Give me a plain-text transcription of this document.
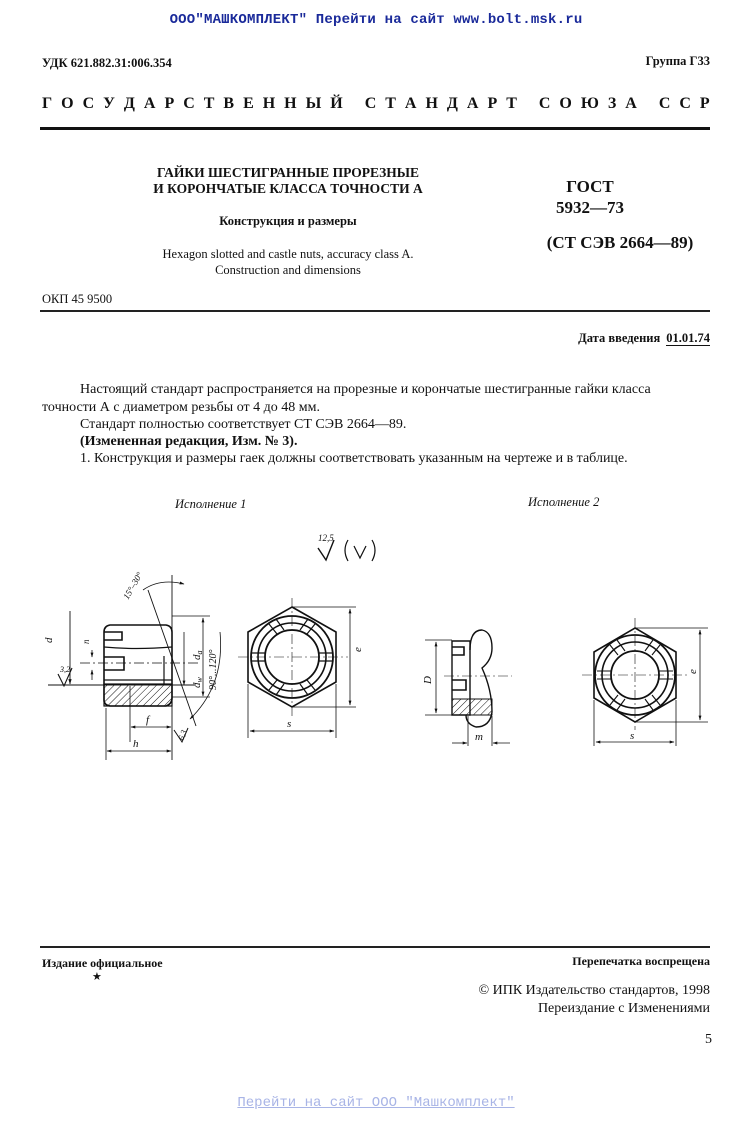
ООО"МАШКОМПЛЕКТ" Перейти на сайт www.bolt.msk.ru
УДК 621.882.31:006.354	Группа Г33
Г О С У Д А Р С Т В Е Н Н Ы Й
С Т А Н Д А Р Т
С О Ю З А
С С Р
ГАЙКИ ШЕСТИГРАННЫЕ ПРОРЕЗНЫЕ
И КОРОНЧАТЫЕ КЛАССА ТОЧНОСТИ А
Конструкция и размеры
Hexagon slotted and castle nuts, accuracy class A.
Construction and dimensions
ГОСТ
5932—73
(СТ СЭВ 2664—89)
ОКП 45 9500
Дата введения 01.01.74
Настоящий стандарт распространяется на прорезные и корончатые шестигранные гайки класса
точности А с диаметром резьбы от 4 до 48 мм.
Стандарт полностью соответствует СТ СЭВ 2664—89.
(Измененная редакция, Изм. № 3).
1. Конструкция и размеры гаек должны соответствовать указанным на чертеже и в таблице.
Исполнение 1	Исполнение 2
12,5
3,2
6,3
15°–30°
90°...120°
d	n
da
dw
f
h
s
e
D
m	s
e
Издание официальное
★
Перепечатка воспрещена
© ИПК Издательство стандартов, 1998
Переиздание с Изменениями
5
Перейти на сайт ООО "Машкомплект"
